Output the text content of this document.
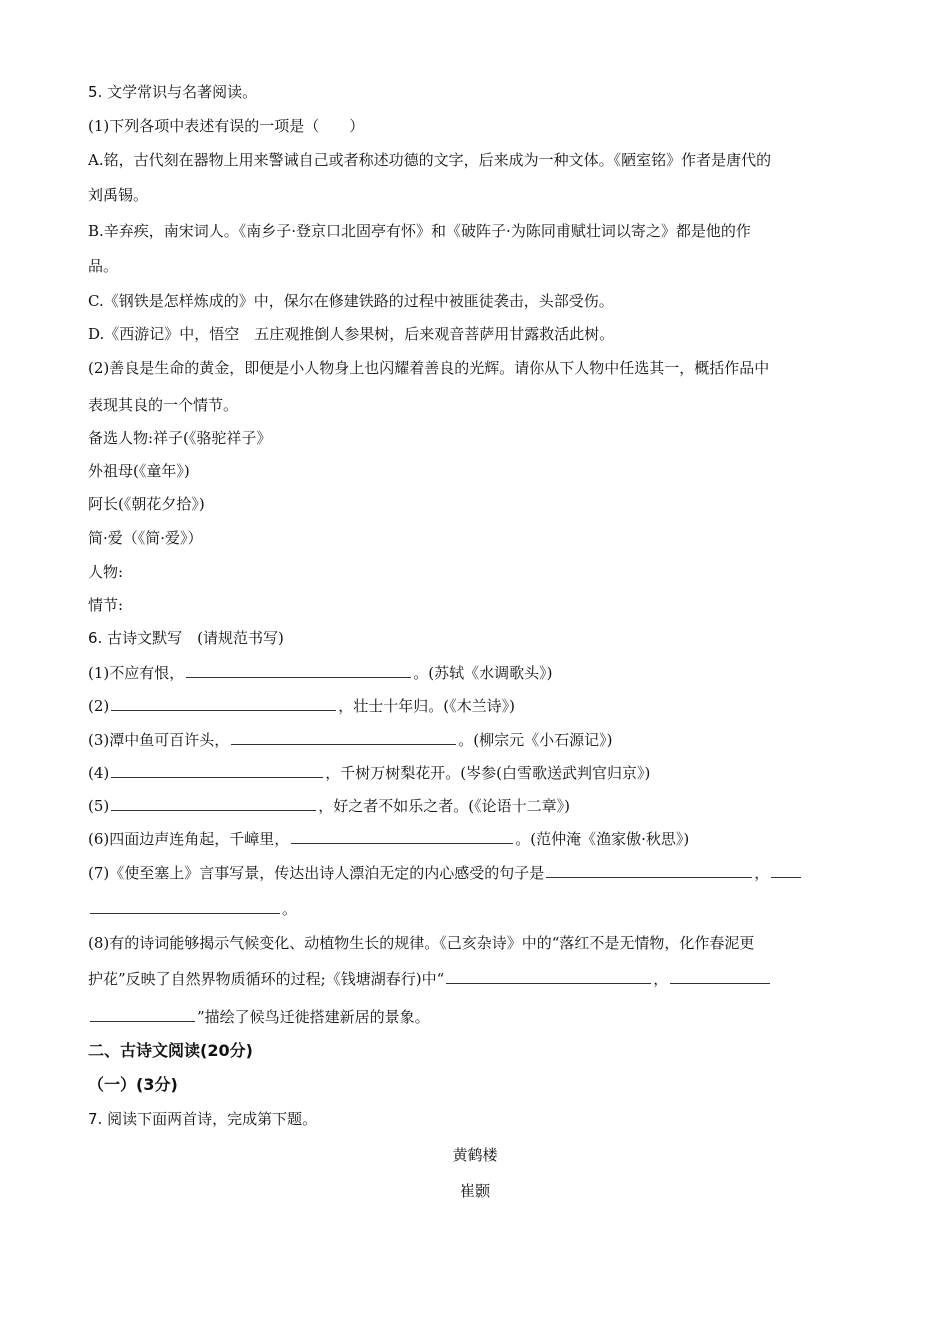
5. 文学常识与名著阅读。
(1)下列各项中表述有误的一项是（　　）
A.铭，古代刻在器物上用来警诫自己或者称述功德的文字，后来成为一种文体。《陋室铭》作者是唐代的
刘禹锡。
B.辛弃疾，南宋词人。《南乡子·登京口北固亭有怀》和《破阵子·为陈同甫赋壮词以寄之》都是他的作
品。
C.《钢铁是怎样炼成的》中，保尔在修建铁路的过程中被匪徒袭击，头部受伤。
D.《西游记》中，悟空　五庄观推倒人参果树，后来观音菩萨用甘露救活此树。
(2)善良是生命的黄金，即便是小人物身上也闪耀着善良的光辉。请你从下人物中任选其一，概括作品中
表现其良的一个情节。
备选人物:祥子(《骆驼祥子》
外祖母(《童年》)
阿长(《朝花夕拾》)
简·爱（《简·爱》）
人物:
情节:
6. 古诗文默写　(请规范书写)
(1)不应有恨，	。(苏轼《水调歌头》)
(2)	，壮士十年归。(《木兰诗》)
(3)潭中鱼可百许头，	。(柳宗元《小石源记》)
(4)	，千树万树梨花开。(岑参(白雪歌送武判官归京》)
(5)	，好之者不如乐之者。(《论语十二章》)
(6)四面边声连角起，千嶂里，	。(范仲淹《渔家傲·秋思》)
(7)《使至塞上》言事写景，传达出诗人漂泊无定的内心感受的句子是	，
。
(8)有的诗词能够揭示气候变化、动植物生长的规律。《己亥杂诗》中的“落红不是无情物，化作春泥更
护花”反映了自然界物质循环的过程;《钱塘湖春行)中“	，
”描绘了候鸟迁徙搭建新居的景象。
二、古诗文阅读(20分)
（一）(3分)
7. 阅读下面两首诗，完成第下题。
黄鹤楼
崔颢
